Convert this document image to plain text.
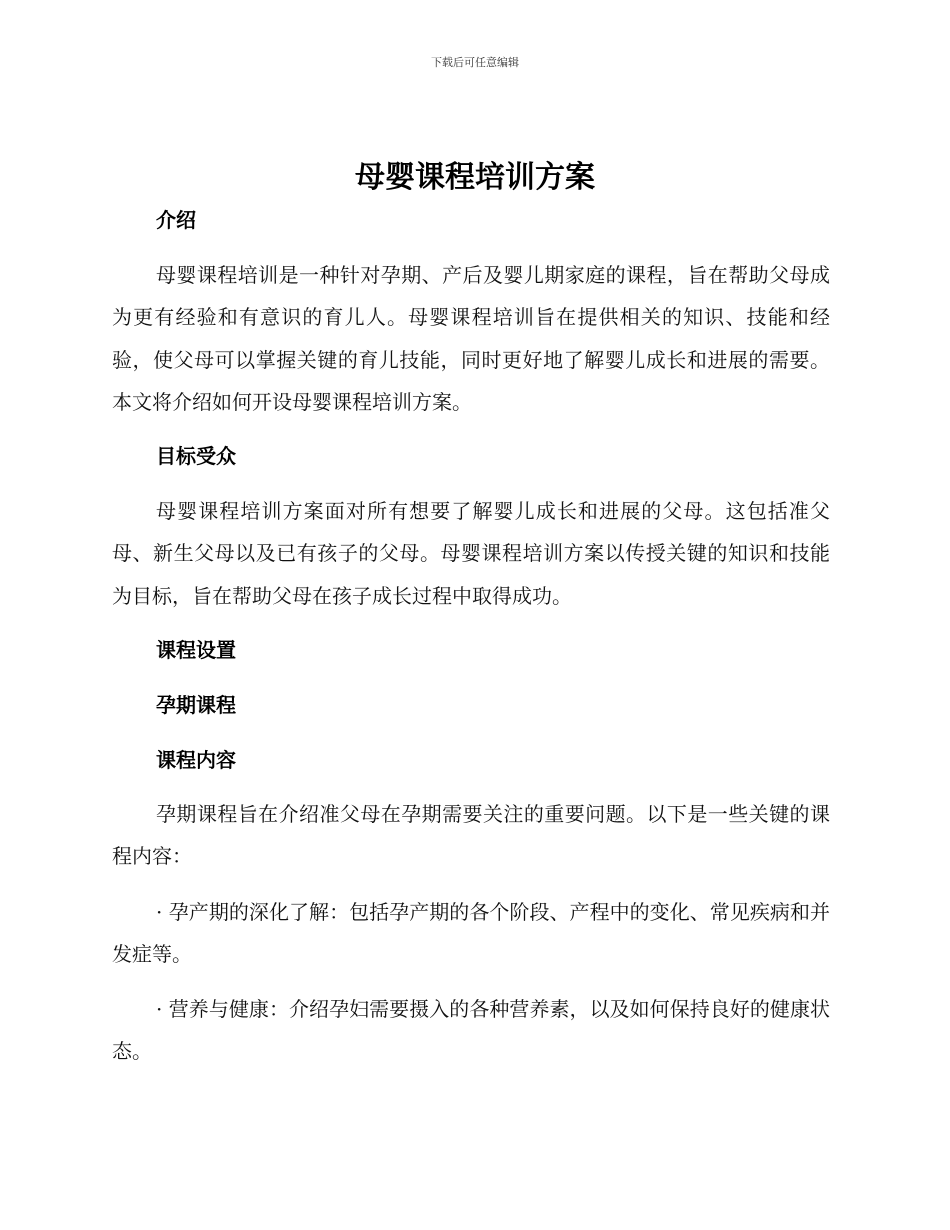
下载后可任意编辑
母婴课程培训方案
介绍
母婴课程培训是一种针对孕期、产后及婴儿期家庭的课程，旨在帮助父母成为更有经验和有意识的育儿人。母婴课程培训旨在提供相关的知识、技能和经验，使父母可以掌握关键的育儿技能，同时更好地了解婴儿成长和进展的需要。本文将介绍如何开设母婴课程培训方案。
目标受众
母婴课程培训方案面对所有想要了解婴儿成长和进展的父母。这包括准父母、新生父母以及已有孩子的父母。母婴课程培训方案以传授关键的知识和技能为目标，旨在帮助父母在孩子成长过程中取得成功。
课程设置
孕期课程
课程内容
孕期课程旨在介绍准父母在孕期需要关注的重要问题。以下是一些关键的课程内容：
· 孕产期的深化了解：包括孕产期的各个阶段、产程中的变化、常见疾病和并发症等。
· 营养与健康：介绍孕妇需要摄入的各种营养素，以及如何保持良好的健康状态。
